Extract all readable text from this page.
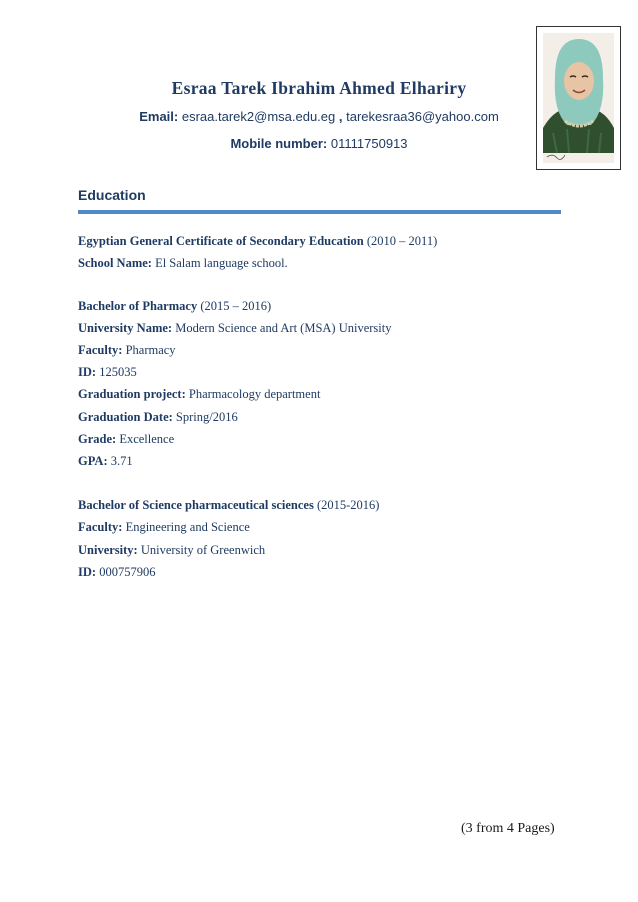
Esraa Tarek Ibrahim Ahmed Elhariry
Email: esraa.tarek2@msa.edu.eg , tarekesraa36@yahoo.com
Mobile number: 01111750913
Education
Egyptian General Certificate of Secondary Education (2010 – 2011)
School Name: El Salam language school.
Bachelor of Pharmacy (2015 – 2016)
University Name: Modern Science and Art (MSA) University
Faculty: Pharmacy
ID: 125035
Graduation project: Pharmacology department
Graduation Date: Spring/2016
Grade: Excellence
GPA: 3.71
Bachelor of Science pharmaceutical sciences (2015-2016)
Faculty: Engineering and Science
University: University of Greenwich
ID: 000757906
(3 from 4 Pages)
